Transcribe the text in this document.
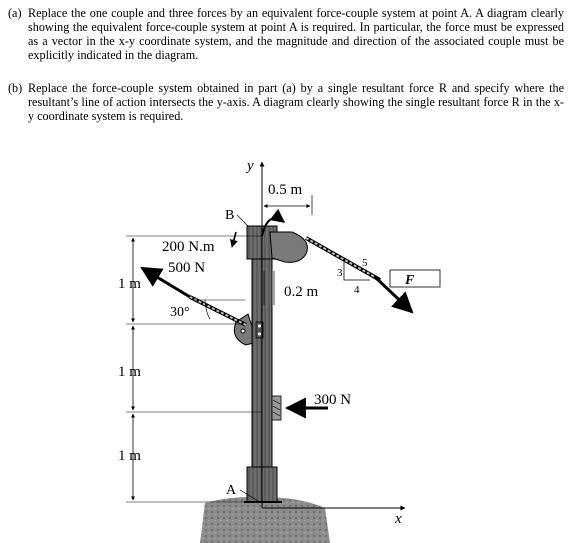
(a) Replace the one couple and three forces by an equivalent force-couple system at point A. A diagram clearly showing the equivalent force-couple system at point A is required. In particular, the force must be expressed as a vector in the x-y coordinate system, and the magnitude and direction of the associated couple must be explicitly indicated in the diagram.
(b) Replace the force-couple system obtained in part (a) by a single resultant force R and specify where the resultant’s line of action intersects the y-axis. A diagram clearly showing the single resultant force R in the x-y coordinate system is required.
y
x
B
A
0.5 m
200 N.m
F
3
4
5
0.2 m
500 N
30°
300 N
1 m
1 m
1 m
